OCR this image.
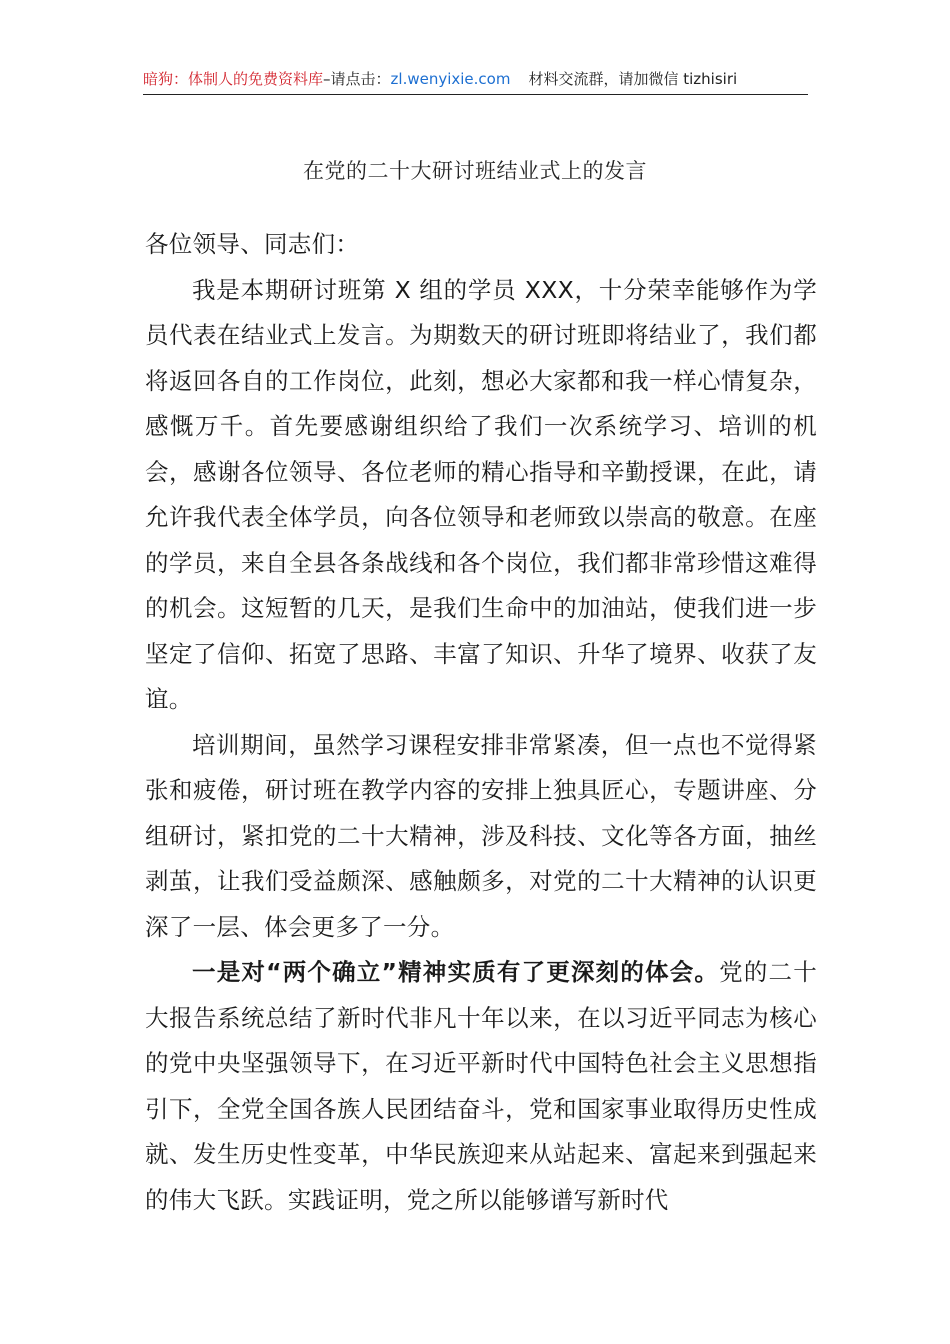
暗狗：体制人的免费资料库–请点击：zl.wenyixie.com 材料交流群，请加微信 tizhisiri
在党的二十大研讨班结业式上的发言

各位领导、同志们：

我是本期研讨班第 X 组的学员 XXX，十分荣幸能够作为学员代表在结业式上发言。为期数天的研讨班即将结业了，我们都将返回各自的工作岗位，此刻，想必大家都和我一样心情复杂，感慨万千。首先要感谢组织给了我们一次系统学习、培训的机会，感谢各位领导、各位老师的精心指导和辛勤授课，在此，请允许我代表全体学员，向各位领导和老师致以崇高的敬意。在座的学员，来自全县各条战线和各个岗位，我们都非常珍惜这难得的机会。这短暂的几天，是我们生命中的加油站，使我们进一步坚定了信仰、拓宽了思路、丰富了知识、升华了境界、收获了友谊。

培训期间，虽然学习课程安排非常紧凑，但一点也不觉得紧张和疲倦，研讨班在教学内容的安排上独具匠心，专题讲座、分组研讨，紧扣党的二十大精神，涉及科技、文化等各方面，抽丝剥茧，让我们受益颇深、感触颇多，对党的二十大精神的认识更深了一层、体会更多了一分。

一是对“两个确立”精神实质有了更深刻的体会。党的二十大报告系统总结了新时代非凡十年以来，在以习近平同志为核心的党中央坚强领导下，在习近平新时代中国特色社会主义思想指引下，全党全国各族人民团结奋斗，党和国家事业取得历史性成就、发生历史性变革，中华民族迎来从站起来、富起来到强起来的伟大飞跃。实践证明，党之所以能够谱写新时代
